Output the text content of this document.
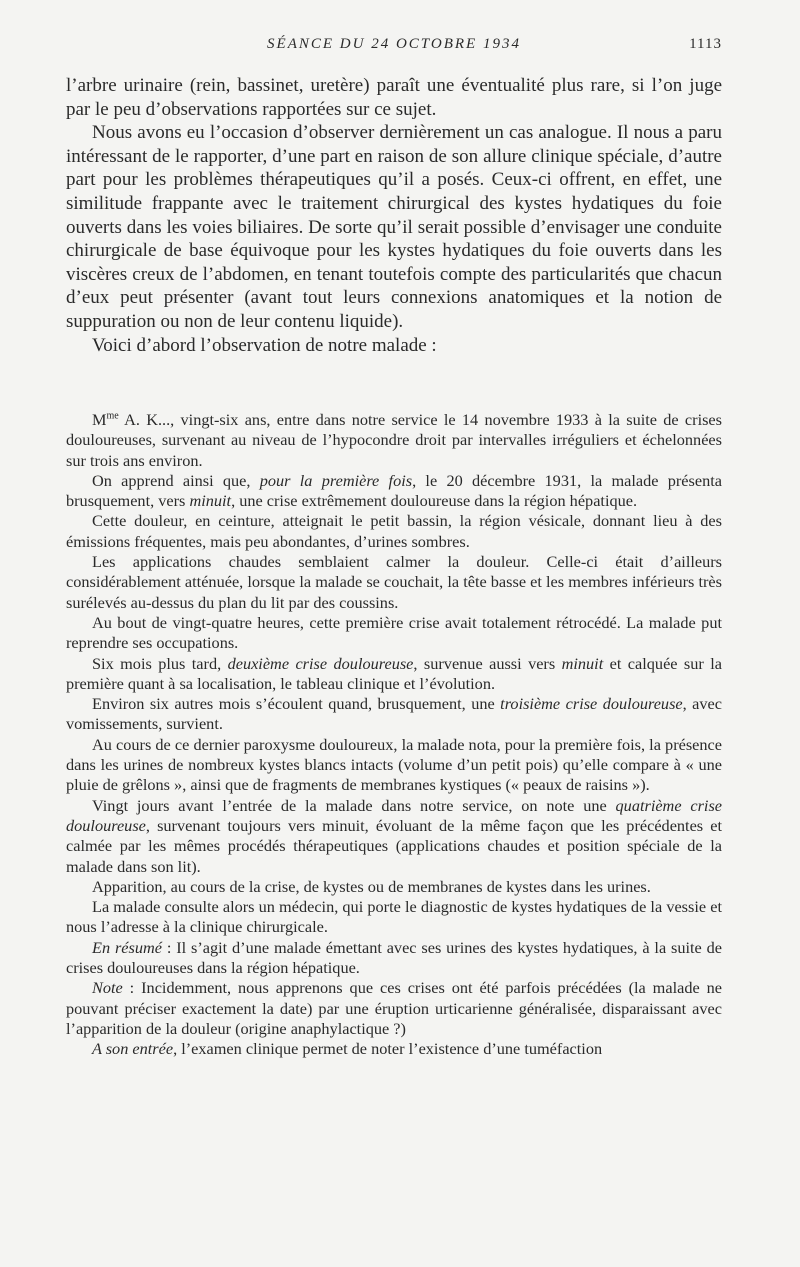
SÉANCE DU 24 OCTOBRE 1934	1113

l’arbre urinaire (rein, bassinet, uretère) paraît une éventualité plus rare, si l’on juge par le peu d’observations rapportées sur ce sujet.

Nous avons eu l’occasion d’observer dernièrement un cas analogue. Il nous a paru intéressant de le rapporter, d’une part en raison de son allure clinique spéciale, d’autre part pour les problèmes thérapeutiques qu’il a posés. Ceux-ci offrent, en effet, une similitude frappante avec le traitement chirurgical des kystes hydatiques du foie ouverts dans les voies biliaires. De sorte qu’il serait possible d’envisager une conduite chirurgicale de base équivoque pour les kystes hydatiques du foie ouverts dans les viscères creux de l’abdomen, en tenant toutefois compte des particularités que chacun d’eux peut présenter (avant tout leurs connexions anatomiques et la notion de suppuration ou non de leur contenu liquide).

Voici d’abord l’observation de notre malade :

$M^{me}$ A. K..., vingt-six ans, entre dans notre service le 14 novembre 1933 à la suite de crises douloureuses, survenant au niveau de l’hypocondre droit par intervalles irréguliers et échelonnées sur trois ans environ.

On apprend ainsi que, pour la première fois, le 20 décembre 1931, la malade présenta brusquement, vers minuit, une crise extrêmement douloureuse dans la région hépatique.

Cette douleur, en ceinture, atteignait le petit bassin, la région vésicale, donnant lieu à des émissions fréquentes, mais peu abondantes, d’urines sombres.

Les applications chaudes semblaient calmer la douleur. Celle-ci était d’ailleurs considérablement atténuée, lorsque la malade se couchait, la tête basse et les membres inférieurs très surélevés au-dessus du plan du lit par des coussins.

Au bout de vingt-quatre heures, cette première crise avait totalement rétrocédé. La malade put reprendre ses occupations.

Six mois plus tard, deuxième crise douloureuse, survenue aussi vers minuit et calquée sur la première quant à sa localisation, le tableau clinique et l’évolution.

Environ six autres mois s’écoulent quand, brusquement, une troisième crise douloureuse, avec vomissements, survient.

Au cours de ce dernier paroxysme douloureux, la malade nota, pour la première fois, la présence dans les urines de nombreux kystes blancs intacts (volume d’un petit pois) qu’elle compare à « une pluie de grêlons », ainsi que de fragments de membranes kystiques (« peaux de raisins »).

Vingt jours avant l’entrée de la malade dans notre service, on note une quatrième crise douloureuse, survenant toujours vers minuit, évoluant de la même façon que les précédentes et calmée par les mêmes procédés thérapeutiques (applications chaudes et position spéciale de la malade dans son lit).

Apparition, au cours de la crise, de kystes ou de membranes de kystes dans les urines.

La malade consulte alors un médecin, qui porte le diagnostic de kystes hydatiques de la vessie et nous l’adresse à la clinique chirurgicale.

En résumé : Il s’agit d’une malade émettant avec ses urines des kystes hydatiques, à la suite de crises douloureuses dans la région hépatique.

Note : Incidemment, nous apprenons que ces crises ont été parfois précédées (la malade ne pouvant préciser exactement la date) par une éruption urticarienne généralisée, disparaissant avec l’apparition de la douleur (origine anaphylactique ?)

A son entrée, l’examen clinique permet de noter l’existence d’une tuméfaction
